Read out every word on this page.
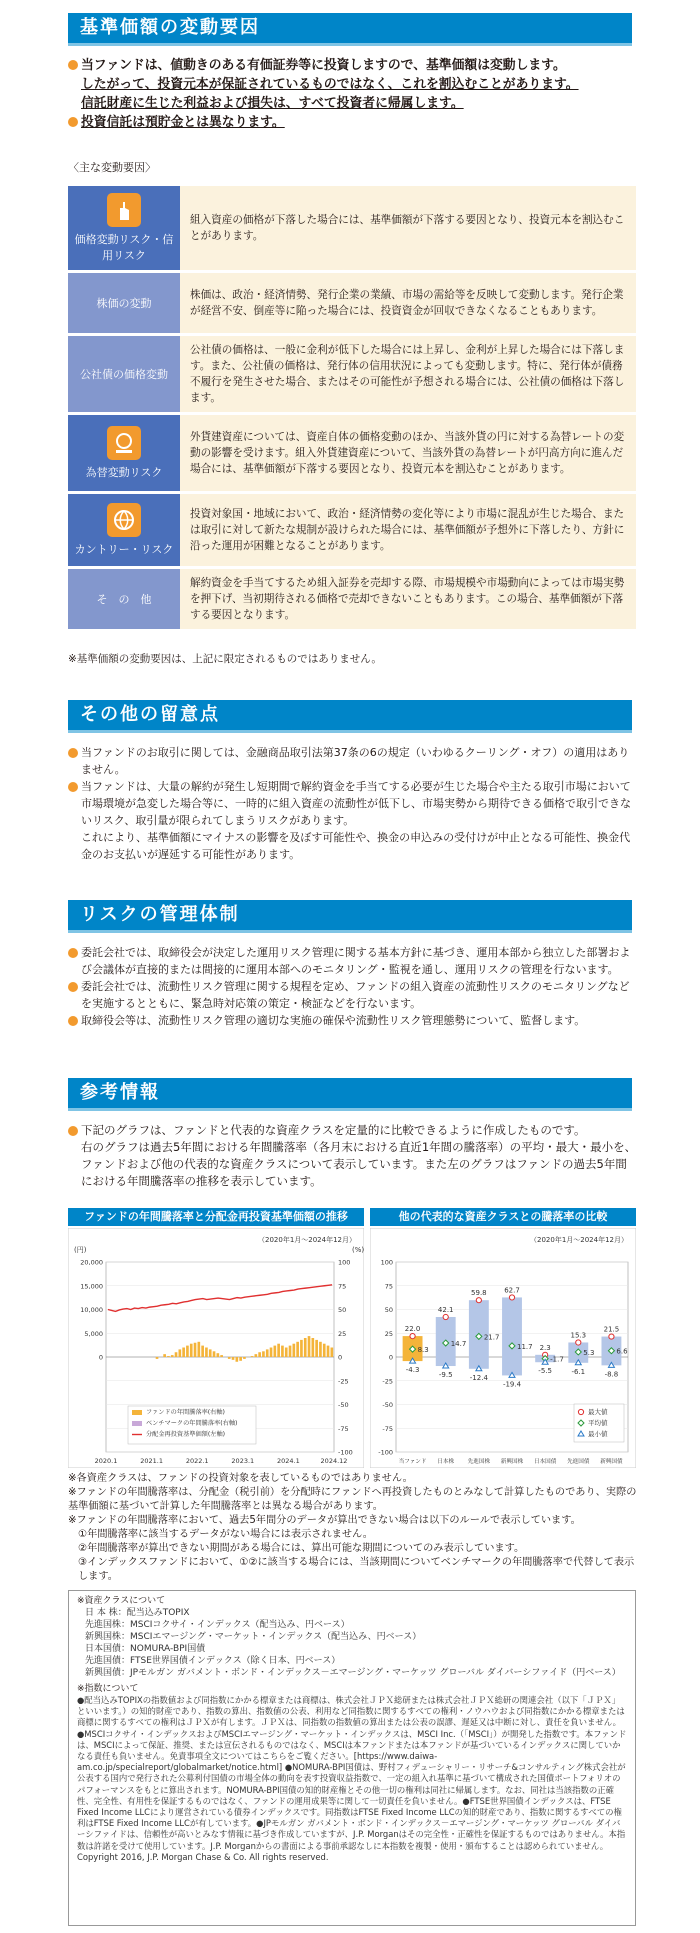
基準価額の変動要因

当ファンドは、値動きのある有価証券等に投資しますので、基準価額は変動します。

したがって、投資元本が保証されているものではなく、これを割込むことがあります。

信託財産に生じた利益および損失は、すべて投資者に帰属します。

投資信託は預貯金とは異なります。

〈主な変動要因〉
価格変動リスク・信用リスク	組入資産の価格が下落した場合には、基準価額が下落する要因となり、投資元本を割込むことがあります。
株価の変動	株価は、政治・経済情勢、発行企業の業績、市場の需給等を反映して変動します。発行企業が経営不安、倒産等に陥った場合には、投資資金が回収できなくなることもあります。
公社債の価格変動	公社債の価格は、一般に金利が低下した場合には上昇し、金利が上昇した場合には下落します。また、公社債の価格は、発行体の信用状況によっても変動します。特に、発行体が債務不履行を発生させた場合、またはその可能性が予想される場合には、公社債の価格は下落します。

為替変動リスク	外貨建資産については、資産自体の価格変動のほか、当該外貨の円に対する為替レートの変動の影響を受けます。組入外貨建資産について、当該外貨の為替レートが円高方向に進んだ場合には、基準価額が下落する要因となり、投資元本を割込むことがあります。

カントリー・リスク	投資対象国・地域において、政治・経済情勢の変化等により市場に混乱が生じた場合、または取引に対して新たな規制が設けられた場合には、基準価額が予想外に下落したり、方針に沿った運用が困難となることがあります。
そ　の　他	解約資金を手当てするため組入証券を売却する際、市場規模や市場動向によっては市場実勢を押下げ、当初期待される価格で売却できないこともあります。この場合、基準価額が下落する要因となります。
※基準価額の変動要因は、上記に限定されるものではありません。
その他の留意点

当ファンドのお取引に関しては、金融商品取引法第37条の6の規定（いわゆるクーリング・オフ）の適用はありません。

当ファンドは、大量の解約が発生し短期間で解約資金を手当てする必要が生じた場合や主たる取引市場において市場環境が急変した場合等に、一時的に組入資産の流動性が低下し、市場実勢から期待できる価格で取引できないリスク、取引量が限られてしまうリスクがあります。

これにより、基準価額にマイナスの影響を及ぼす可能性や、換金の申込みの受付けが中止となる可能性、換金代金のお支払いが遅延する可能性があります。

リスクの管理体制

委託会社では、取締役会が決定した運用リスク管理に関する基本方針に基づき、運用本部から独立した部署および会議体が直接的または間接的に運用本部へのモニタリング・監視を通し、運用リスクの管理を行ないます。

委託会社では、流動性リスク管理に関する規程を定め、ファンドの組入資産の流動性リスクのモニタリングなどを実施するとともに、緊急時対応策の策定・検証などを行ないます。

取締役会等は、流動性リスク管理の適切な実施の確保や流動性リスク管理態勢について、監督します。

参考情報

下記のグラフは、ファンドと代表的な資産クラスを定量的に比較できるように作成したものです。

右のグラフは過去5年間における年間騰落率（各月末における直近1年間の騰落率）の平均・最大・最小を、ファンドおよび他の代表的な資産クラスについて表示しています。また左のグラフはファンドの過去5年間における年間騰落率の推移を表示しています。

ファンドの年間騰落率と分配金再投資基準価額の推移	他の代表的な資産クラスとの騰落率の比較
（2020年1月～2024年12月）
(円)	(%)
100
75
50
25
0
-25
-50
-75
-100
20,000
15,000
10,000
5,000
0
2020.1	2021.1	2022.1	2023.1	2024.1	2024.12
ファンドの年間騰落率(右軸)
ベンチマークの年間騰落率(右軸)
分配金再投資基準価額(左軸)
（2020年1月～2024年12月）
100
75
50
25
0
-25
-50
-75
-100
22.0
8.3
-4.3
当ファンド
42.1
14.7
-9.5
日本株
59.8
21.7
-12.4
先進国株
62.7
11.7
-19.4
新興国株
2.3
-1.7
-5.5
日本国債
15.3
5.3
-6.1
先進国債
21.5
6.6
-8.8
新興国債
最大値
平均値
最小値
※各資産クラスは、ファンドの投資対象を表しているものではありません。
※ファンドの年間騰落率は、分配金（税引前）を分配時にファンドへ再投資したものとみなして計算したものであり、実際の基準価額に基づいて計算した年間騰落率とは異なる場合があります。
※ファンドの年間騰落率において、過去5年間分のデータが算出できない場合は以下のルールで表示しています。
①年間騰落率に該当するデータがない場合には表示されません。
②年間騰落率が算出できない期間がある場合には、算出可能な期間についてのみ表示しています。
③インデックスファンドにおいて、①②に該当する場合には、当該期間についてベンチマークの年間騰落率で代替して表示します。
※資産クラスについて
日 本 株：配当込みTOPIX
先進国株：MSCIコクサイ・インデックス（配当込み、円ベース）
新興国株：MSCIエマージング・マーケット・インデックス（配当込み、円ベース）
日本国債：NOMURA-BPI国債
先進国債：FTSE世界国債インデックス（除く日本、円ベース）
新興国債：JPモルガン ガバメント・ボンド・インデックス－エマージング・マーケッツ グローバル ダイバーシファイド（円ベース）
※指数について
●配当込みTOPIXの指数値および同指数にかかる標章または商標は、株式会社ＪＰＸ総研または株式会社ＪＰＸ総研の関連会社（以下「ＪＰＸ」といいます。）の知的財産であり、指数の算出、指数値の公表、利用など同指数に関するすべての権利・ノウハウおよび同指数にかかる標章または商標に関するすべての権利はＪＰＸが有します。ＪＰＸは、同指数の指数値の算出または公表の誤謬、遅延又は中断に対し、責任を負いません。●MSCIコクサイ・インデックスおよびMSCIエマージング・マーケット・インデックスは、MSCI Inc.（「MSCI」）が開発した指数です。本ファンドは、MSCIによって保証、推奨、または宣伝されるものではなく、MSCIは本ファンドまたは本ファンドが基づいているインデックスに関していかなる責任も負いません。免責事項全文についてはこちらをご覧ください。[https://www.daiwa-am.co.jp/specialreport/globalmarket/notice.html] ●NOMURA-BPI国債は、野村フィデューシャリー・リサーチ&コンサルティング株式会社が公表する国内で発行された公募利付国債の市場全体の動向を表す投資収益指数で、一定の組入れ基準に基づいて構成された国債ポートフォリオのパフォーマンスをもとに算出されます。NOMURA-BPI国債の知的財産権とその他一切の権利は同社に帰属します。なお、同社は当該指数の正確性、完全性、有用性を保証するものではなく、ファンドの運用成果等に関して一切責任を負いません。●FTSE世界国債インデックスは、FTSE Fixed Income LLCにより運営されている債券インデックスです。同指数はFTSE Fixed Income LLCの知的財産であり、指数に関するすべての権利はFTSE Fixed Income LLCが有しています。●JPモルガン ガバメント・ボンド・インデックス－エマージング・マーケッツ グローバル ダイバーシファイドは、信頼性が高いとみなす情報に基づき作成していますが、J.P. Morganはその完全性・正確性を保証するものではありません。本指数は許諾を受けて使用しています。J.P. Morganからの書面による事前承認なしに本指数を複製・使用・頒布することは認められていません。Copyright 2016, J.P. Morgan Chase & Co. All rights reserved.
